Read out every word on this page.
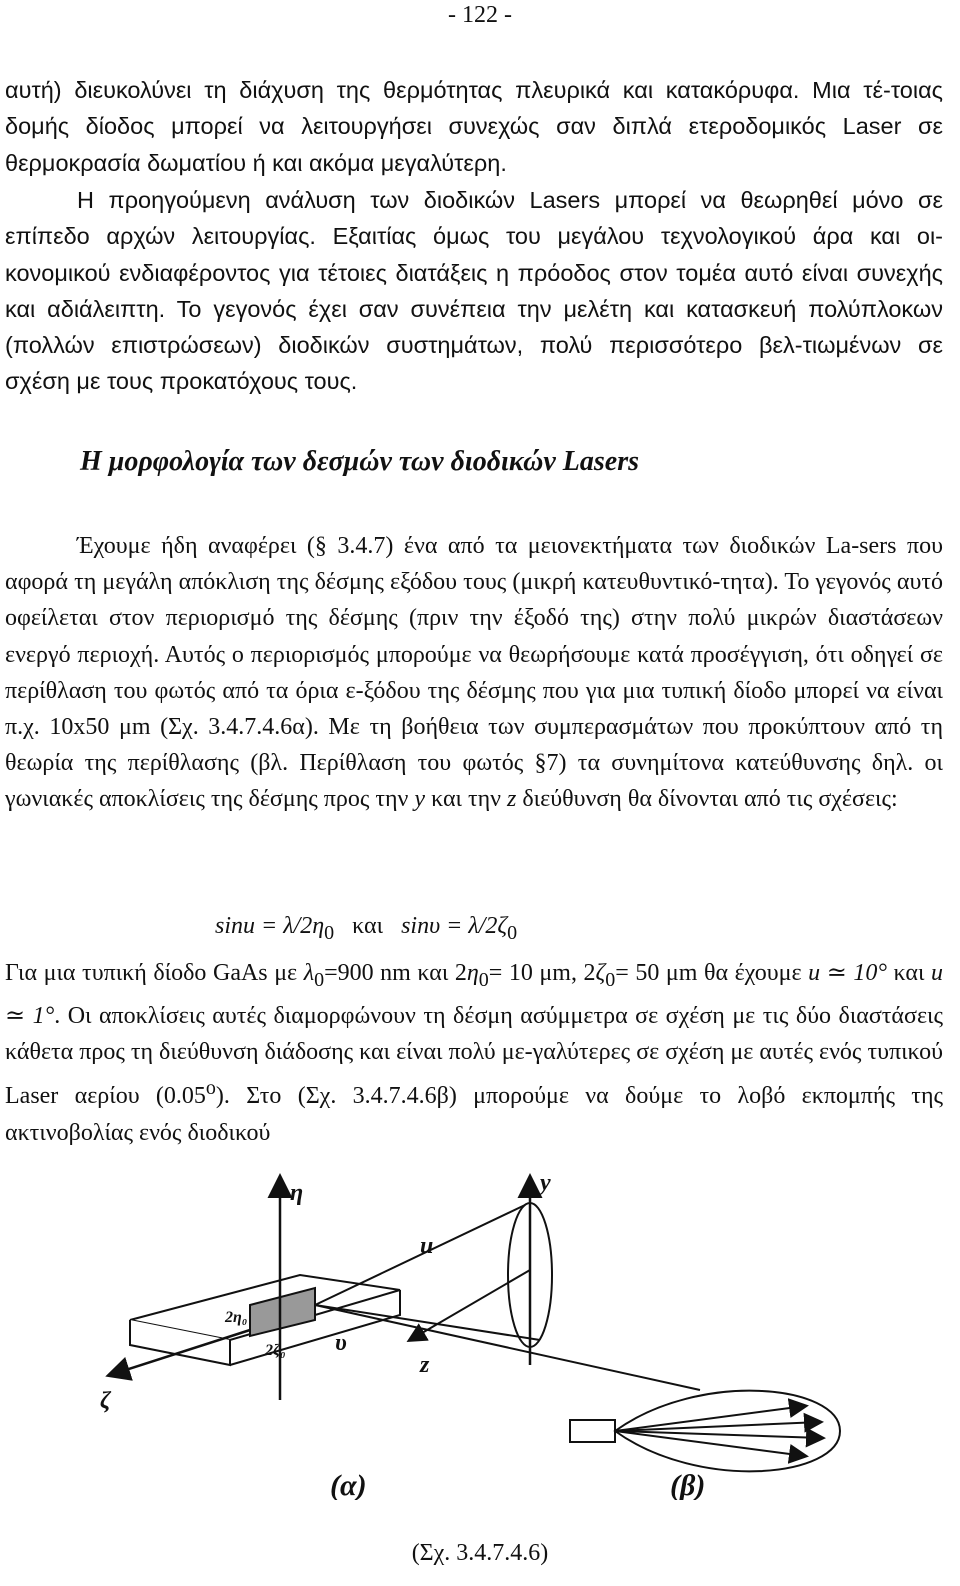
- 122 -

αυτή) διευκολύνει τη διάχυση της θερμότητας πλευρικά και κατακόρυφα. Μια τέ-τοιας δομής δίοδος μπορεί να λειτουργήσει συνεχώς σαν διπλά ετεροδομικός Laser σε θερμοκρασία δωματίου ή και ακόμα μεγαλύτερη.

Η προηγούμενη ανάλυση των διοδικών Lasers μπορεί να θεωρηθεί μόνο σε επίπεδο αρχών λειτουργίας. Εξαιτίας όμως του μεγάλου τεχνολογικού άρα και οι-κονομικού ενδιαφέροντος για τέτοιες διατάξεις η πρόοδος στον τομέα αυτό είναι συνεχής και αδιάλειπτη. Το γεγονός έχει σαν συνέπεια την μελέτη και κατασκευή πολύπλοκων (πολλών επιστρώσεων) διοδικών συστημάτων, πολύ περισσότερο βελ-τιωμένων σε σχέση με τους προκατόχους τους.

Η μορφολογία των δεσμών των διοδικών Lasers

Έχουμε ήδη αναφέρει (§ 3.4.7) ένα από τα μειονεκτήματα των διοδικών La-sers που αφορά τη μεγάλη απόκλιση της δέσμης εξόδου τους (μικρή κατευθυντικό-τητα). Το γεγονός αυτό οφείλεται στον περιορισμό της δέσμης (πριν την έξοδό της) στην πολύ μικρών διαστάσεων ενεργό περιοχή. Αυτός ο περιορισμός μπορούμε να θεωρήσουμε κατά προσέγγιση, ότι οδηγεί σε περίθλαση του φωτός από τα όρια ε-ξόδου της δέσμης που για μια τυπική δίοδο μπορεί να είναι π.χ. 10x50 μm (Σχ. 3.4.7.4.6α). Με τη βοήθεια των συμπερασμάτων που προκύπτουν από τη θεωρία της περίθλασης (βλ. Περίθλαση του φωτός §7) τα συνημίτονα κατεύθυνσης δηλ. οι γωνιακές αποκλίσεις της δέσμης προς την y και την z διεύθυνση θα δίνονται από τις σχέσεις:

$\sin u = \lambda/2\eta_0$ και $\sin\upsilon = \lambda/2\zeta_0$

Για μια τυπική δίοδο GaAs με $\lambda_0=900$ nm και $2\eta_0= 10$ μm, $2\zeta_0= 50$ μm θα έχουμε u ≃ 10° και u ≃ 1°. Οι αποκλίσεις αυτές διαμορφώνουν τη δέσμη ασύμμετρα σε σχέση με τις δύο διαστάσεις κάθετα προς τη διεύθυνση διάδοσης και είναι πολύ με-γαλύτερες σε σχέση με αυτές ενός τυπικού Laser αερίου (0.05$^o$). Στο (Σχ. 3.4.7.4.6β) μπορούμε να δούμε το λοβό εκπομπής της ακτινοβολίας ενός διοδικού

η	y
u
υ
z
ζ
2η₀
2ζ₀
(α)	(β)
(Σχ. 3.4.7.4.6)
